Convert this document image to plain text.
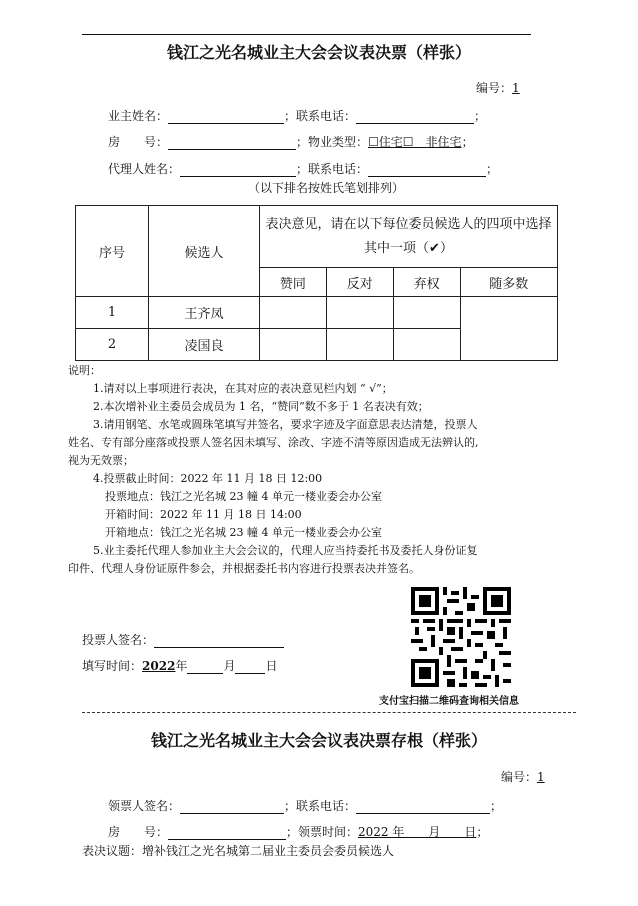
钱江之光名城业主大会会议表决票（样张）
编号：1
业主姓名：	；联系电话：	；
房　　号：	；物业类型：☐住宅☐　非住宅；
代理人姓名：	；联系电话：	；
（以下排名按姓氏笔划排列）
序号	候选人	表决意见，请在以下每位委员候选人的四项中选择其中一项（✔）			
		赞同	反对	弃权	随多数
1	王齐凤				
2	凌国良				
说明：
1.请对以上事项进行表决，在其对应的表决意见栏内划 “ √”；
2.本次增补业主委员会成员为 1 名，“赞同”数不多于 1 名表决有效；
3.请用钢笔、水笔或圆珠笔填写并签名，要求字迹及字面意思表达清楚，投票人
姓名、专有部分座落或投票人签名因未填写、涂改、字迹不清等原因造成无法辨认的,
视为无效票；
4.投票截止时间：2022 年 11 月 18 日 12:00
投票地点：钱江之光名城 23 幢 4 单元一楼业委会办公室
开箱时间：2022 年 11 月 18 日 14:00
开箱地点：钱江之光名城 23 幢 4 单元一楼业委会办公室
5.业主委托代理人参加业主大会会议的，代理人应当持委托书及委托人身份证复
印件、代理人身份证原件参会，并根据委托书内容进行投票表决并签名。
投票人签名：
填写时间：2022年	月	日
支付宝扫描二维码查询相关信息
钱江之光名城业主大会会议表决票存根（样张）
编号：1
领票人签名：	；联系电话：	；
房　　号：	；领票时间：2022 年　　月　　日；
表决议题：增补钱江之光名城第二届业主委员会委员候选人
